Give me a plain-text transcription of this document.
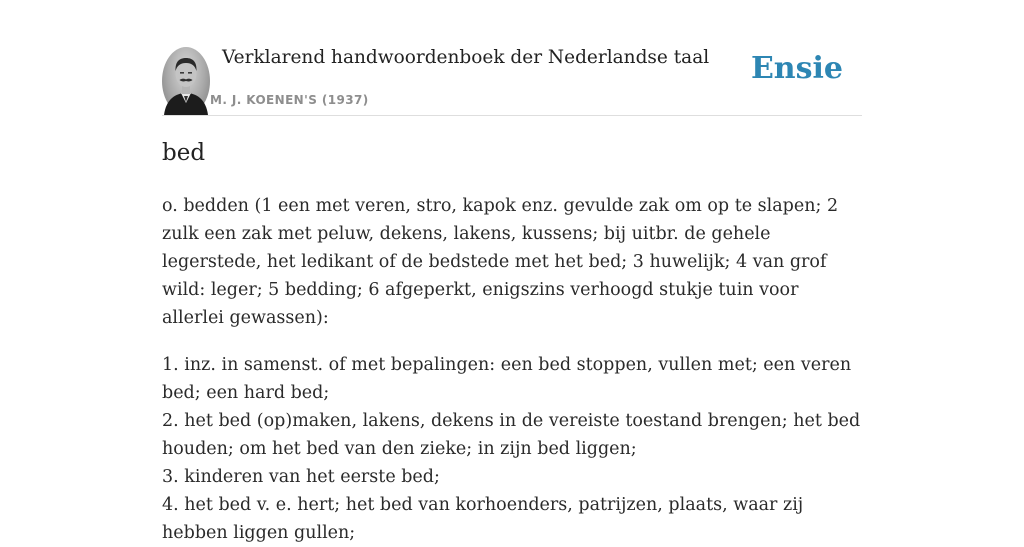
Verklarend handwoordenboek der Nederlandse taal
M. J. KOENEN'S (1937)
Ensie
bed

o. bedden (1 een met veren, stro, kapok enz. gevulde zak om op te slapen; 2 zulk een zak met peluw, dekens, lakens, kussens; bij uitbr. de gehele legerstede, het ledikant of de bedstede met het bed; 3 huwelijk; 4 van grof wild: leger; 5 bedding; 6 afgeperkt, enigszins verhoogd stukje tuin voor allerlei gewassen):

1. inz. in samenst. of met bepalingen: een bed stoppen, vullen met; een veren bed; een hard bed;

2. het bed (op)maken, lakens, dekens in de vereiste toestand brengen; het bed houden; om het bed van den zieke; in zijn bed liggen;

3. kinderen van het eerste bed;

4. het bed v. e. hert; het bed van korhoenders, patrijzen, plaats, waar zij hebben liggen gullen;
